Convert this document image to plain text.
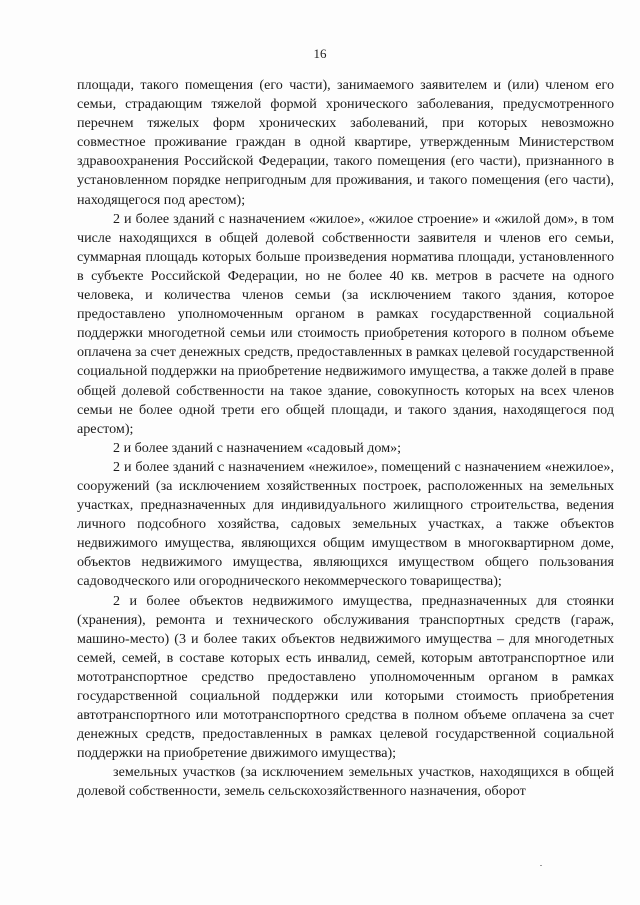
16

площади, такого помещения (его части), занимаемого заявителем и (или) членом его семьи, страдающим тяжелой формой хронического заболевания, предусмотренного перечнем тяжелых форм хронических заболеваний, при которых невозможно совместное проживание граждан в одной квартире, утвержденным Министерством здравоохранения Российской Федерации, такого помещения (его части), признанного в установленном порядке непригодным для проживания, и такого помещения (его части), находящегося под арестом);

2 и более зданий с назначением «жилое», «жилое строение» и «жилой дом», в том числе находящихся в общей долевой собственности заявителя и членов его семьи, суммарная площадь которых больше произведения норматива площади, установленного в субъекте Российской Федерации, но не более 40 кв. метров в расчете на одного человека, и количества членов семьи (за исключением такого здания, которое предоставлено уполномоченным органом в рамках государственной социальной поддержки многодетной семьи или стоимость приобретения которого в полном объеме оплачена за счет денежных средств, предоставленных в рамках целевой государственной социальной поддержки на приобретение недвижимого имущества, а также долей в праве общей долевой собственности на такое здание, совокупность которых на всех членов семьи не более одной трети его общей площади, и такого здания, находящегося под арестом);

2 и более зданий с назначением «садовый дом»;

2 и более зданий с назначением «нежилое», помещений с назначением «нежилое», сооружений (за исключением хозяйственных построек, расположенных на земельных участках, предназначенных для индивидуального жилищного строительства, ведения личного подсобного хозяйства, садовых земельных участках, а также объектов недвижимого имущества, являющихся общим имуществом в многоквартирном доме, объектов недвижимого имущества, являющихся имуществом общего пользования садоводческого или огороднического некоммерческого товарищества);

2 и более объектов недвижимого имущества, предназначенных для стоянки (хранения), ремонта и технического обслуживания транспортных средств (гараж, машино-место) (3 и более таких объектов недвижимого имущества – для многодетных семей, семей, в составе которых есть инвалид, семей, которым автотранспортное или мототранспортное средство предоставлено уполномоченным органом в рамках государственной социальной поддержки или которыми стоимость приобретения автотранспортного или мототранспортного средства в полном объеме оплачена за счет денежных средств, предоставленных в рамках целевой государственной социальной поддержки на приобретение движимого имущества);

земельных участков (за исключением земельных участков, находящихся в общей долевой собственности, земель сельскохозяйственного назначения, оборот
